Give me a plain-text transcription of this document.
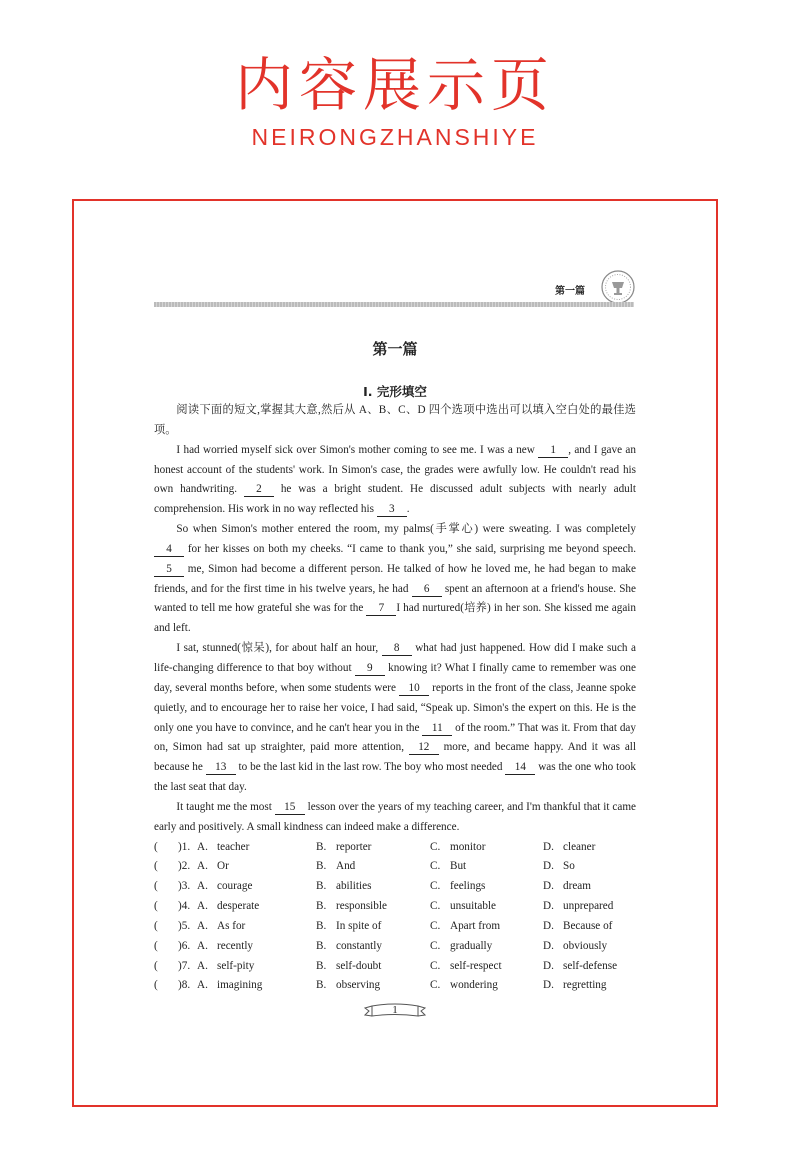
内容展示页
NEIRONGZHANSHIYE
第一篇
第一篇
Ⅰ. 完形填空

阅读下面的短文,掌握其大意,然后从 A、B、C、D 四个选项中选出可以填入空白处的最佳选项。

I had worried myself sick over Simon's mother coming to see me. I was a new 1 , and I gave an honest account of the students' work. In Simon's case, the grades were awfully low. He couldn't read his own handwriting. 2 he was a bright student. He discussed adult subjects with nearly adult comprehension. His work in no way reflected his 3 .

So when Simon's mother entered the room, my palms(手掌心) were sweating. I was completely 4 for her kisses on both my cheeks. “I came to thank you,” she said, surprising me beyond speech. 5 me, Simon had become a different person. He talked of how he loved me, he had began to make friends, and for the first time in his twelve years, he had 6 spent an afternoon at a friend's house. She wanted to tell me how grateful she was for the 7 I had nurtured(培养) in her son. She kissed me again and left.

I sat, stunned(惊呆), for about half an hour, 8 what had just happened. How did I make such a life-changing difference to that boy without 9 knowing it? What I finally came to remember was one day, several months before, when some students were 10 reports in the front of the class, Jeanne spoke quietly, and to encourage her to raise her voice, I had said, “Speak up. Simon's the expert on this. He is the only one you have to convince, and he can't hear you in the 11 of the room.” That was it. From that day on, Simon had sat up straighter, paid more attention, 12 more, and became happy. And it was all because he 13 to be the last kid in the last row. The boy who most needed 14 was the one who took the last seat that day.

It taught me the most 15 lesson over the years of my teaching career, and I'm thankful that it came early and positively. A small kindness can indeed make a difference.

( )1. A. teacher	B. reporter	C. monitor	D. cleaner
( )2. A. Or	B. And	C. But	D. So
( )3. A. courage	B. abilities	C. feelings	D. dream
( )4. A. desperate	B. responsible	C. unsuitable	D. unprepared
( )5. A. As for	B. In spite of	C. Apart from	D. Because of
( )6. A. recently	B. constantly	C. gradually	D. obviously
( )7. A. self-pity	B. self-doubt	C. self-respect	D. self-defense
( )8. A. imagining	B. observing	C. wondering	D. regretting
1
